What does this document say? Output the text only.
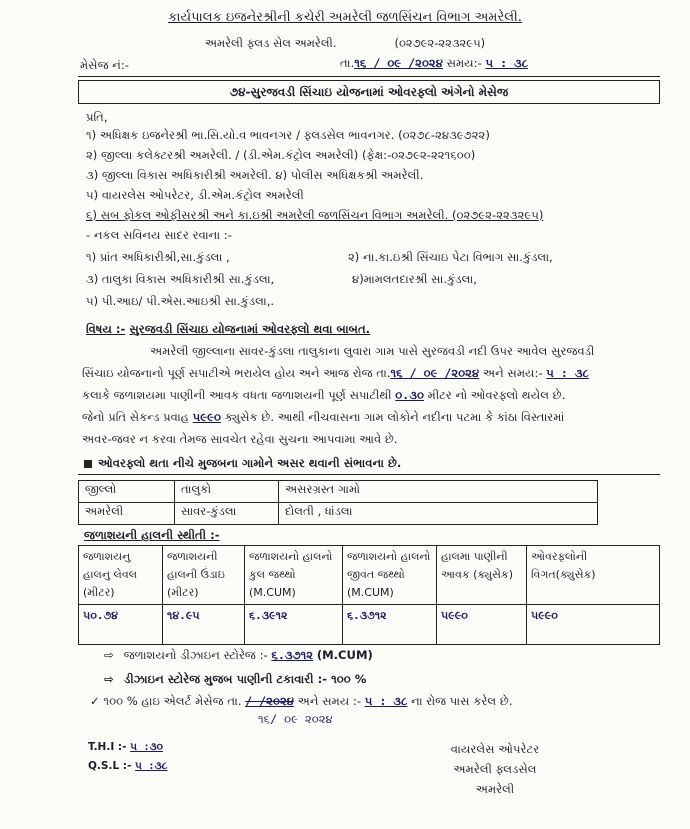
કાર્યપાલક ઇજનેરશ્રીની કચેરી અમરેલી જળસિંચન વિભાગ અમરેલી.
અમરેલી ફ્લડ સેલ અમરેલી.	(૦૨૭૯૨-૨૨૩૨૯૫)
મેસેજ નં:-	તા.૧૬ / ૦૯ /૨૦૨૪ સમય:- ૫ : ૩૮
૭૪-સુરજવડી સિંચાઇ યોજનામાં ઓવરફ્લો અંગેનો મેસેજ
પ્રતિ,
૧) અધિક્ષક ઇજનેરશ્રી ભા.સિ.યો.વ ભાવનગર / ફ્લડસેલ ભાવનગર. (૦૨૭૮-૨૪૩૯૭૨૨)
૨) જીલ્લા કલેક્ટરશ્રી અમરેલી. / (ડી.એમ.કંટ્રોલ અમરેલી) (ફેક્ષ:-૦૨૭૯૨-૨૨૧૬૦૦)
૩) જીલ્લા વિકાસ અધિકારીશ્રી અમરેલી. ૪) પોલીસ અધિક્ષકશ્રી અમરેલી.
૫) વાયરલેસ ઓપરેટર, ડી.એમ.કંટ્રોલ અમરેલી
૬) સબ ફોકલ ઓફીસરશ્રી અને કા.ઇશ્રી અમરેલી જળસિંચન વિભાગ અમરેલી. (૦૨૭૯૨-૨૨૩૨૯૫)
- નકલ સવિનય સાદર રવાના :-
૧) પ્રાંત અધિકારીશ્રી,સા.કુંડલા ,	૨) ના.કા.ઇશ્રી સિંચાઇ પેટા વિભાગ સા.કુંડલા,
૩) તાલુકા વિકાસ અધિકારીશ્રી સા.કુંડલા,	૪)મામલતદારશ્રી સા.કુંડલા,
૫) પી.આઇ/ પી.એસ.આઇશ્રી સા.કુંડલા,.
વિષય :- સુરજવડી સિંચાઇ યોજનામાં ઓવરફ્લો થવા બાબત.
અમરેલી જીલ્લાના સાવર-કુંડલા તાલુકાના લુવારા ગામ પાસે સુરજવડી નદી ઉપર આવેલ સુરજવડી
સિંચાઇ યોજનાનો પૂર્ણ સપાટીએ ભરાયેલ હોય અને આજ રોજ તા.૧૬ / ૦૯ /૨૦૨૪ અને સમય:- ૫ : ૩૮
કલાકે જળાશયમા પાણીની આવક વધતા જળાશયની પૂર્ણ સપાટીથી ૦.૩૦ મીટર નો ઓવરફ્લો થયેલ છે.
જેનો પ્રતિ સેકન્ડ પ્રવાહ ૫૯૯૦ ક્યુસેક છે. આથી નીચવાસના ગામ લોકોને નદીના પટમા કે કાંઠા વિસ્તારમાં
અવર-જવર ન કરવા તેમજ સાવચેત રહેવા સુચના આપવામા આવે છે.
ઓવરફ્લો થતા નીચે મુજબના ગામોને અસર થવાની સંભાવના છે.
જીલ્લો	તાલુકો	અસરગ્રસ્ત ગામો
અમરેલી	સાવર-કુંડલા	દોલતી , ધાંડલા
જળાશયની હાલની સ્થીતી :-
જળાશયનુ હાલનુ લેવલ (મીટર)	જળાશયની હાલની ઉંડાઇ (મીટર)	જળાશયનો હાલનો કુલ જથ્થો (M.CUM)	જળાશયનો હાલનો જીવંત જથ્થો (M.CUM)	હાલમા પાણીની આવક (ક્યુસેક)	ઓવરફ્લોની વિગત(ક્યુસેક)
૫૦.૭૪	૧૪.૯૫	૬.૩૯૧૨	૬.૩૭૧૨	૫૯૯૦	૫૯૯૦
⇨ જળાશયનો ડીઝાઇન સ્ટોરેજ :- ૬.૩૭૧૨ (M.CUM)
⇨ ડીઝાઇન સ્ટોરેજ મુજબ પાણીની ટકાવારી :- ૧૦૦ %
✓ ૧૦૦ % હાઇ એલર્ટ મેસેજ તા. / /૨૦૨૪ અને સમય :- ૫ : ૩૮ ના રોજ પાસ કરેલ છે.
૧૬/ ૦૯ ૨૦૨૪
T.H.I :- ૫ :૩૦
Q.S.L :- ૫ :૩૮
વાયરલેસ ઓપરેટર
અમરેલી ફ્લડસેલ
અમરેલી
